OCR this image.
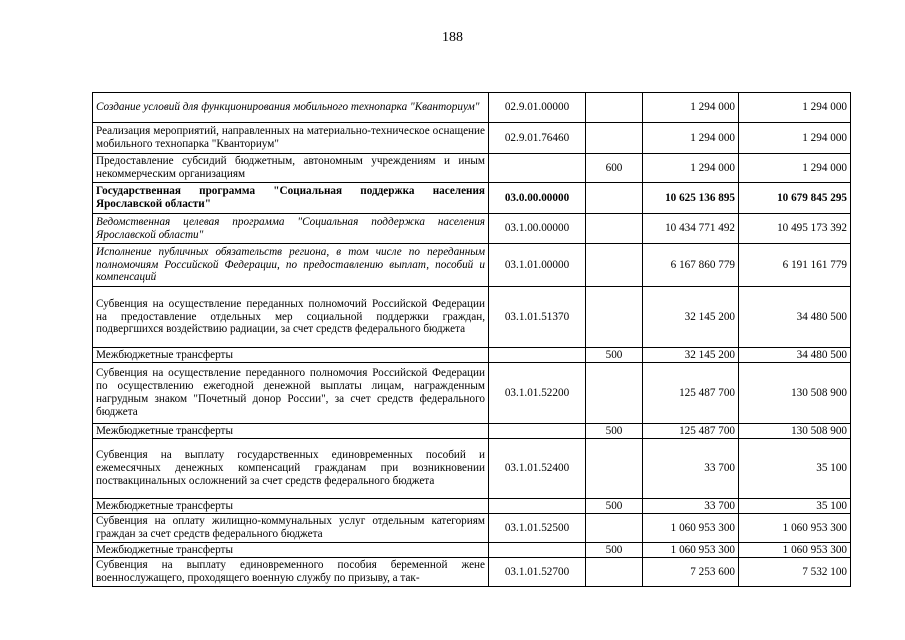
188
Создание условий для функционирования мобильного технопарка "Кванториум"	02.9.01.00000		1 294 000	1 294 000
Реализация мероприятий, направленных на материально-техническое оснащение мобильного технопарка "Кванториум"	02.9.01.76460		1 294 000	1 294 000
Предоставление субсидий бюджетным, автономным учреждениям и иным некоммерческим организациям		600	1 294 000	1 294 000
Государственная программа "Социальная поддержка населения Ярославской области"	03.0.00.00000		10 625 136 895	10 679 845 295
Ведомственная целевая программа "Социальная поддержка населения Ярославской области"	03.1.00.00000		10 434 771 492	10 495 173 392
Исполнение публичных обязательств региона, в том числе по переданным полномочиям Российской Федерации, по предоставлению выплат, пособий и компенсаций	03.1.01.00000		6 167 860 779	6 191 161 779
Субвенция на осуществление переданных полномочий Российской Федерации на предоставление отдельных мер социальной поддержки граждан, подвергшихся воздействию радиации, за счет средств федерального бюджета	03.1.01.51370		32 145 200	34 480 500
Межбюджетные трансферты		500	32 145 200	34 480 500
Субвенция на осуществление переданного полномочия Российской Федерации по осуществлению ежегодной денежной выплаты лицам, награжденным нагрудным знаком "Почетный донор России", за счет средств федерального бюджета	03.1.01.52200		125 487 700	130 508 900
Межбюджетные трансферты		500	125 487 700	130 508 900
Субвенция на выплату государственных единовременных пособий и ежемесячных денежных компенсаций гражданам при возникновении поствакцинальных осложнений за счет средств федерального бюджета	03.1.01.52400		33 700	35 100
Межбюджетные трансферты		500	33 700	35 100
Субвенция на оплату жилищно-коммунальных услуг отдельным категориям граждан за счет средств федерального бюджета	03.1.01.52500		1 060 953 300	1 060 953 300
Межбюджетные трансферты		500	1 060 953 300	1 060 953 300
Субвенция на выплату единовременного пособия беременной жене военнослужащего, проходящего военную службу по призыву, а так-	03.1.01.52700		7 253 600	7 532 100
